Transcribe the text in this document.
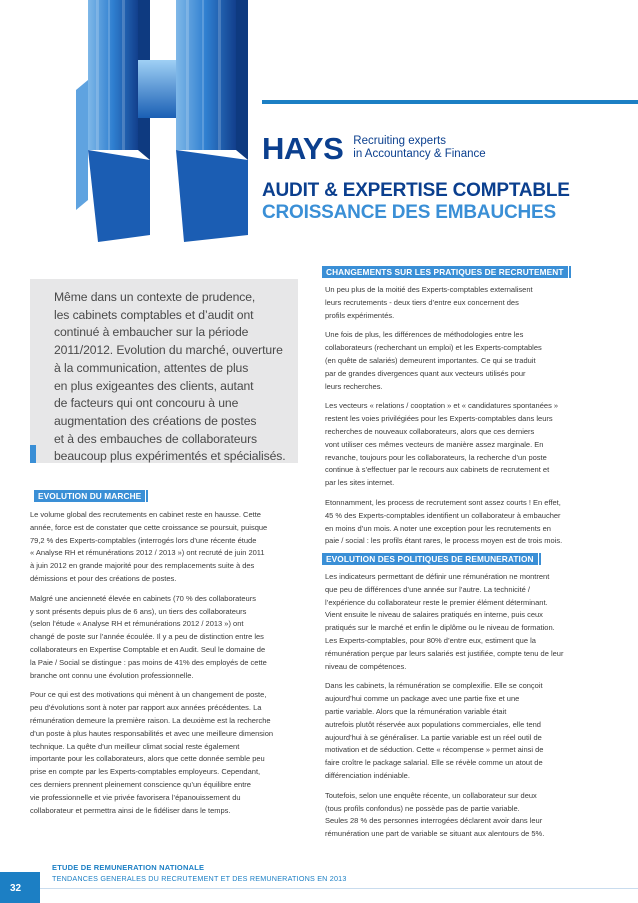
HAYS Recruiting experts
in Accountancy & Finance
AUDIT & EXPERTISE COMPTABLE
CROISSANCE DES EMBAUCHES

Même dans un contexte de prudence,
les cabinets comptables et d’audit ont
continué à embaucher sur la période
2011/2012. Evolution du marché, ouverture
à la communication, attentes de plus
en plus exigeantes des clients, autant
de facteurs qui ont concouru à une
augmentation des créations de postes
et à des embauches de collaborateurs
beaucoup plus expérimentés et spécialisés.

EVOLUTION DU MARCHE

Le volume global des recrutements en cabinet reste en hausse. Cette
année, force est de constater que cette croissance se poursuit, puisque
79,2 % des Experts-comptables (interrogés lors d’une récente étude
« Analyse RH et rémunérations 2012 / 2013 ») ont recruté de juin 2011
à juin 2012 en grande majorité pour des remplacements suite à des
démissions et pour des créations de postes.

Malgré une ancienneté élevée en cabinets (70 % des collaborateurs
y sont présents depuis plus de 6 ans), un tiers des collaborateurs
(selon l’étude « Analyse RH et rémunérations 2012 / 2013 ») ont
changé de poste sur l’année écoulée. Il y a peu de distinction entre les
collaborateurs en Expertise Comptable et en Audit. Seul le domaine de
la Paie / Social se distingue : pas moins de 41% des employés de cette
branche ont connu une évolution professionnelle.

Pour ce qui est des motivations qui mènent à un changement de poste,
peu d’évolutions sont à noter par rapport aux années précédentes. La
rémunération demeure la première raison. La deuxième est la recherche
d’un poste à plus hautes responsabilités et avec une meilleure dimension
technique. La quête d’un meilleur climat social reste également
importante pour les collaborateurs, alors que cette donnée semble peu
prise en compte par les Experts-comptables employeurs. Cependant,
ces derniers prennent pleinement conscience qu’un équilibre entre
vie professionnelle et vie privée favorisera l’épanouissement du
collaborateur et permettra ainsi de le fidéliser dans le temps.

CHANGEMENTS SUR LES PRATIQUES DE RECRUTEMENT

Un peu plus de la moitié des Experts-comptables externalisent
leurs recrutements - deux tiers d’entre eux concernent des
profils expérimentés.

Une fois de plus, les différences de méthodologies entre les
collaborateurs (recherchant un emploi) et les Experts-comptables
(en quête de salariés) demeurent importantes. Ce qui se traduit
par de grandes divergences quant aux vecteurs utilisés pour
leurs recherches.

Les vecteurs « relations / cooptation » et « candidatures spontanées »
restent les voies privilégiées pour les Experts-comptables dans leurs
recherches de nouveaux collaborateurs, alors que ces derniers
vont utiliser ces mêmes vecteurs de manière assez marginale. En
revanche, toujours pour les collaborateurs, la recherche d’un poste
continue à s’effectuer par le recours aux cabinets de recrutement et
par les sites internet.

Etonnamment, les process de recrutement sont assez courts ! En effet,
45 % des Experts-comptables identifient un collaborateur à embaucher
en moins d’un mois. A noter une exception pour les recrutements en
paie / social : les profils étant rares, le process moyen est de trois mois.

EVOLUTION DES POLITIQUES DE REMUNERATION

Les indicateurs permettant de définir une rémunération ne montrent
que peu de différences d’une année sur l’autre. La technicité /
l’expérience du collaborateur reste le premier élément déterminant.
Vient ensuite le niveau de salaires pratiqués en interne, puis ceux
pratiqués sur le marché et enfin le diplôme ou le niveau de formation.
Les Experts-comptables, pour 80% d’entre eux, estiment que la
rémunération perçue par leurs salariés est justifiée, compte tenu de leur
niveau de compétences.

Dans les cabinets, la rémunération se complexifie. Elle se conçoit
aujourd’hui comme un package avec une partie fixe et une
partie variable. Alors que la rémunération variable était
autrefois plutôt réservée aux populations commerciales, elle tend
aujourd’hui à se généraliser. La partie variable est un réel outil de
motivation et de séduction. Cette « récompense » permet ainsi de
faire croître le package salarial. Elle se révèle comme un atout de
différenciation indéniable.

Toutefois, selon une enquête récente, un collaborateur sur deux
(tous profils confondus) ne possède pas de partie variable.
Seules 28 % des personnes interrogées déclarent avoir dans leur
rémunération une part de variable se situant aux alentours de 5%.

ETUDE DE REMUNERATION NATIONALE
TENDANCES GENERALES DU RECRUTEMENT ET DES REMUNERATIONS EN 2013
32
